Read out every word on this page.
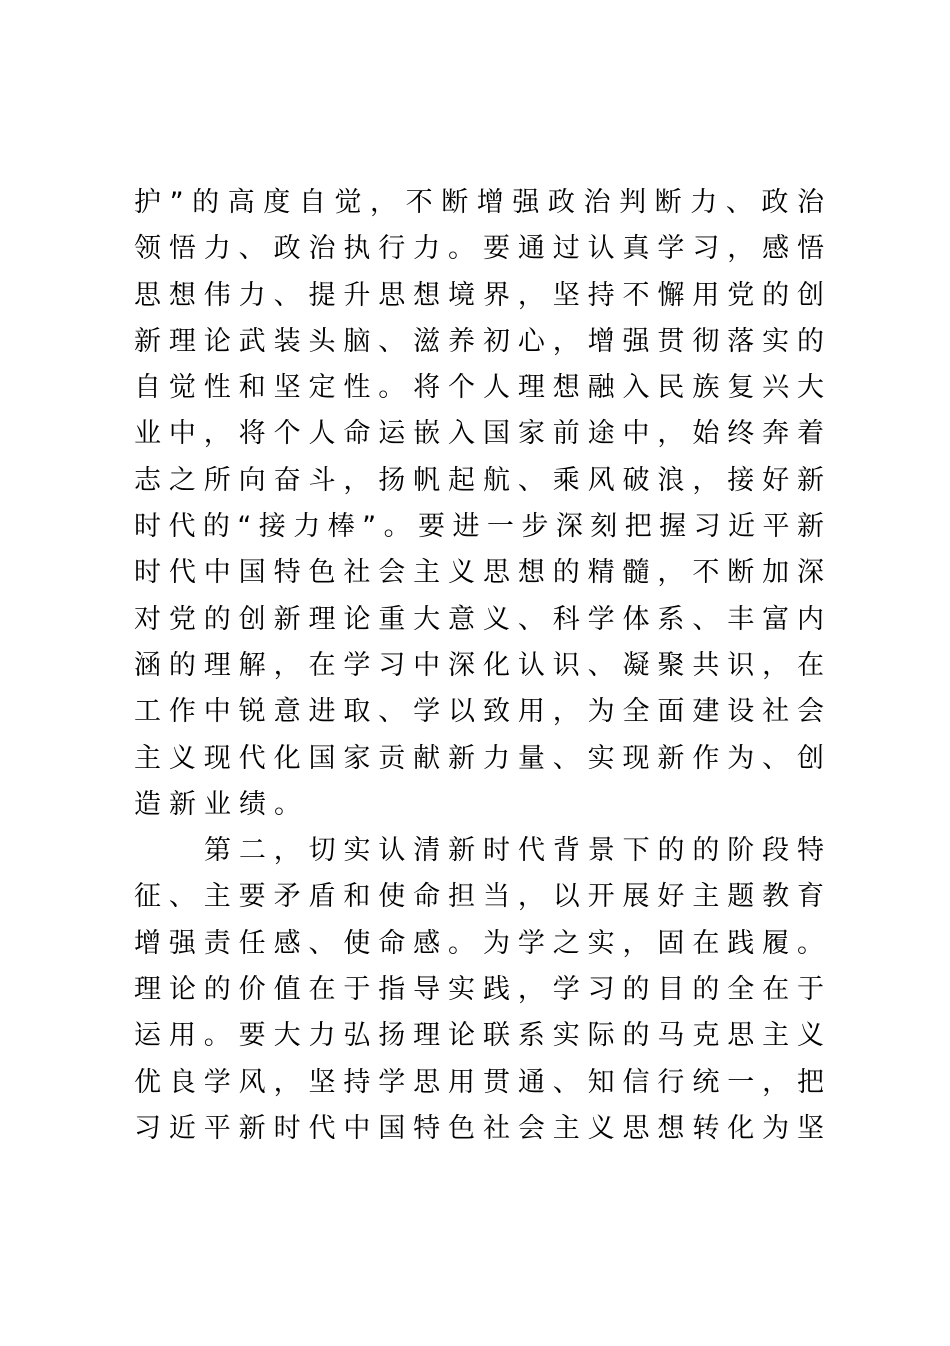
护”的高度自觉，不断增强政治判断力、政治
领悟力、政治执行力。要通过认真学习，感悟
思想伟力、提升思想境界，坚持不懈用党的创
新理论武装头脑、滋养初心，增强贯彻落实的
自觉性和坚定性。将个人理想融入民族复兴大
业中，将个人命运嵌入国家前途中，始终奔着
志之所向奋斗，扬帆起航、乘风破浪，接好新
时代的“接力棒”。要进一步深刻把握习近平新
时代中国特色社会主义思想的精髓，不断加深
对党的创新理论重大意义、科学体系、丰富内
涵的理解，在学习中深化认识、凝聚共识，在
工作中锐意进取、学以致用，为全面建设社会
主义现代化国家贡献新力量、实现新作为、创
造新业绩。
第二，切实认清新时代背景下的的阶段特
征、主要矛盾和使命担当，以开展好主题教育
增强责任感、使命感。为学之实，固在践履。
理论的价值在于指导实践，学习的目的全在于
运用。要大力弘扬理论联系实际的马克思主义
优良学风，坚持学思用贯通、知信行统一，把
习近平新时代中国特色社会主义思想转化为坚
